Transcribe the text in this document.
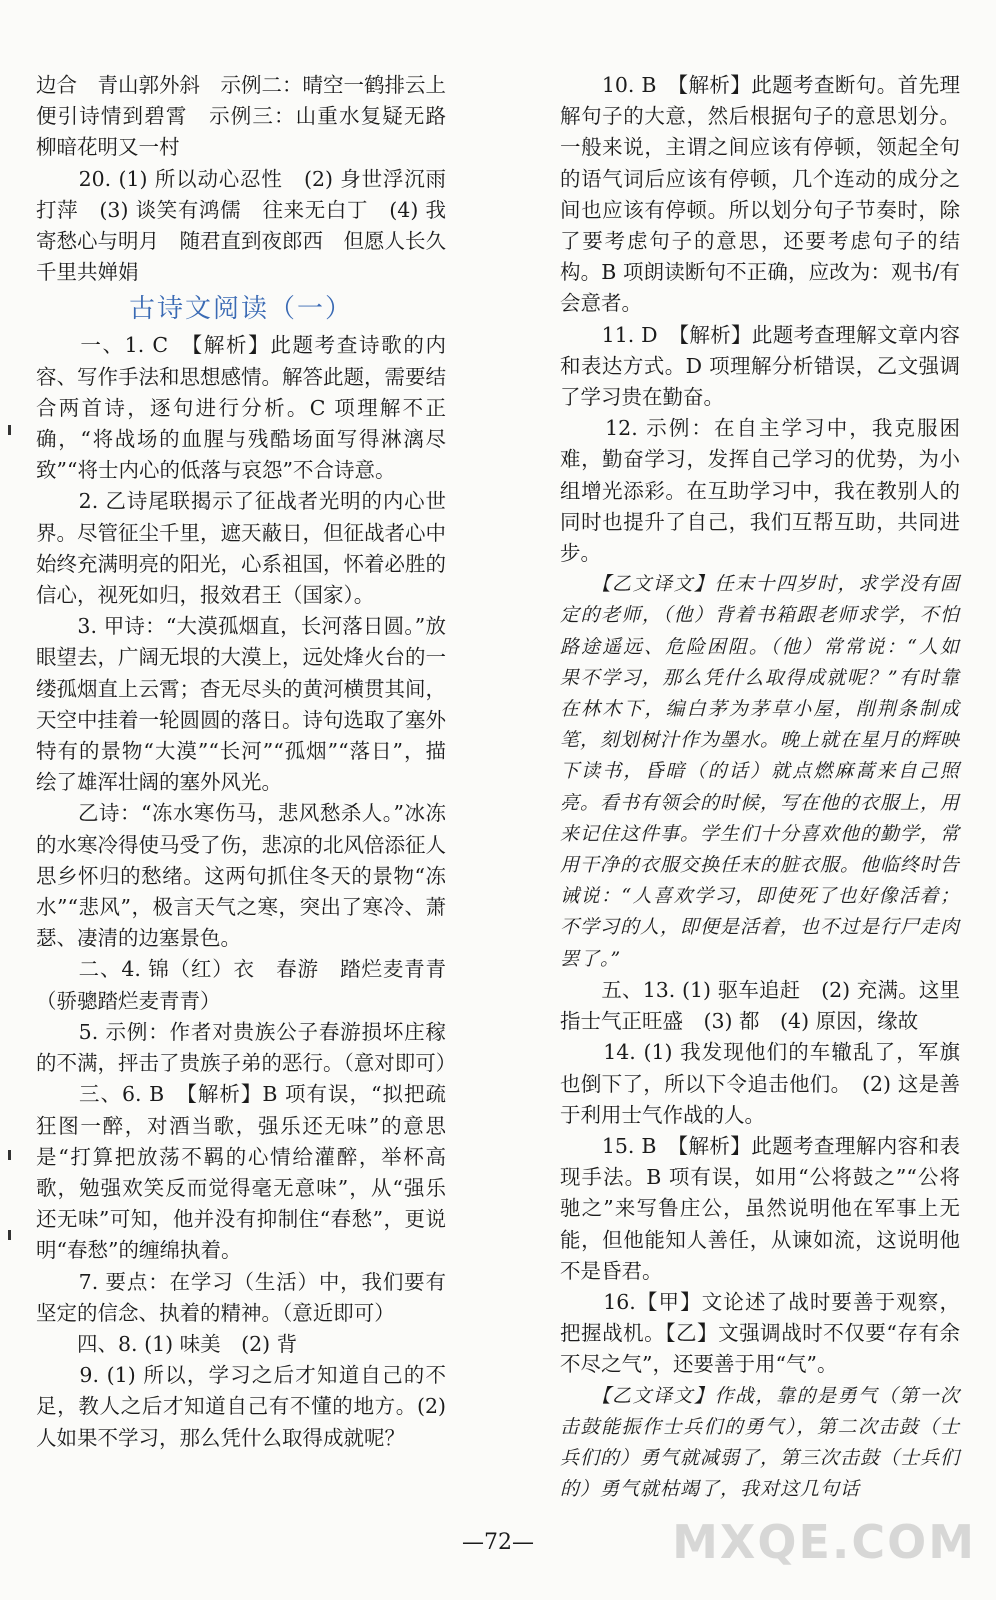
边合　青山郭外斜　示例二：晴空一鹤排云上　便引诗情到碧霄　示例三：山重水复疑无路　柳暗花明又一村

　　20. (1) 所以动心忍性　(2) 身世浮沉雨打萍　(3) 谈笑有鸿儒　往来无白丁　(4) 我寄愁心与明月　随君直到夜郎西　但愿人长久　千里共婵娟

古诗文阅读（一）

　　一、1. C　【解析】此题考查诗歌的内容、写作手法和思想感情。解答此题，需要结合两首诗，逐句进行分析。C 项理解不正确，“将战场的血腥与残酷场面写得淋漓尽致”“将士内心的低落与哀怨”不合诗意。

　　2. 乙诗尾联揭示了征战者光明的内心世界。尽管征尘千里，遮天蔽日，但征战者心中始终充满明亮的阳光，心系祖国，怀着必胜的信心，视死如归，报效君王（国家）。

　　3. 甲诗：“大漠孤烟直，长河落日圆。”放眼望去，广阔无垠的大漠上，远处烽火台的一缕孤烟直上云霄；杳无尽头的黄河横贯其间，天空中挂着一轮圆圆的落日。诗句选取了塞外特有的景物“大漠”“长河”“孤烟”“落日”，描绘了雄浑壮阔的塞外风光。

　　乙诗：“冻水寒伤马，悲风愁杀人。”冰冻的水寒冷得使马受了伤，悲凉的北风倍添征人思乡怀归的愁绪。这两句抓住冬天的景物“冻水”“悲风”，极言天气之寒，突出了寒冷、萧瑟、凄清的边塞景色。

　　二、4. 锦（红）衣　春游　踏烂麦青青（骄骢踏烂麦青青）

　　5. 示例：作者对贵族公子春游损坏庄稼的不满，抨击了贵族子弟的恶行。（意对即可）

　　三、6. B　【解析】B 项有误，“拟把疏狂图一醉，对酒当歌，强乐还无味”的意思是“打算把放荡不羁的心情给灌醉，举杯高歌，勉强欢笑反而觉得毫无意味”，从“强乐还无味”可知，他并没有抑制住“春愁”，更说明“春愁”的缠绵执着。

　　7. 要点：在学习（生活）中，我们要有坚定的信念、执着的精神。（意近即可）

　　四、8. (1) 味美　(2) 背

　　9. (1) 所以，学习之后才知道自己的不足，教人之后才知道自己有不懂的地方。(2) 人如果不学习，那么凭什么取得成就呢？

　　10. B　【解析】此题考查断句。首先理解句子的大意，然后根据句子的意思划分。一般来说，主谓之间应该有停顿，领起全句的语气词后应该有停顿，几个连动的成分之间也应该有停顿。所以划分句子节奏时，除了要考虑句子的意思，还要考虑句子的结构。B 项朗读断句不正确，应改为：观书/有会意者。

　　11. D　【解析】此题考查理解文章内容和表达方式。D 项理解分析错误，乙文强调了学习贵在勤奋。

　　12. 示例：在自主学习中，我克服困难，勤奋学习，发挥自己学习的优势，为小组增光添彩。在互助学习中，我在教别人的同时也提升了自己，我们互帮互助，共同进步。

　　【乙文译文】任末十四岁时，求学没有固定的老师，（他）背着书箱跟老师求学，不怕路途遥远、危险困阻。（他）常常说：“人如果不学习，那么凭什么取得成就呢？”有时靠在林木下，编白茅为茅草小屋，削荆条制成笔，刻划树汁作为墨水。晚上就在星月的辉映下读书，昏暗（的话）就点燃麻蒿来自己照亮。看书有领会的时候，写在他的衣服上，用来记住这件事。学生们十分喜欢他的勤学，常用干净的衣服交换任末的脏衣服。他临终时告诫说：“人喜欢学习，即使死了也好像活着；不学习的人，即便是活着，也不过是行尸走肉罢了。”

　　五、13. (1) 驱车追赶　(2) 充满。这里指士气正旺盛　(3) 都　(4) 原因，缘故

　　14. (1) 我发现他们的车辙乱了，军旗也倒下了，所以下令追击他们。　(2) 这是善于利用士气作战的人。

　　15. B　【解析】此题考查理解内容和表现手法。B 项有误，如用“公将鼓之”“公将驰之”来写鲁庄公，虽然说明他在军事上无能，但他能知人善任，从谏如流，这说明他不是昏君。

　　16.【甲】文论述了战时要善于观察，把握战机。【乙】文强调战时不仅要“存有余不尽之气”，还要善于用“气”。

　　【乙文译文】作战，靠的是勇气（第一次击鼓能振作士兵们的勇气），第二次击鼓（士兵们的）勇气就减弱了，第三次击鼓（士兵们的）勇气就枯竭了，我对这几句话

—72—	MXQE.COM
